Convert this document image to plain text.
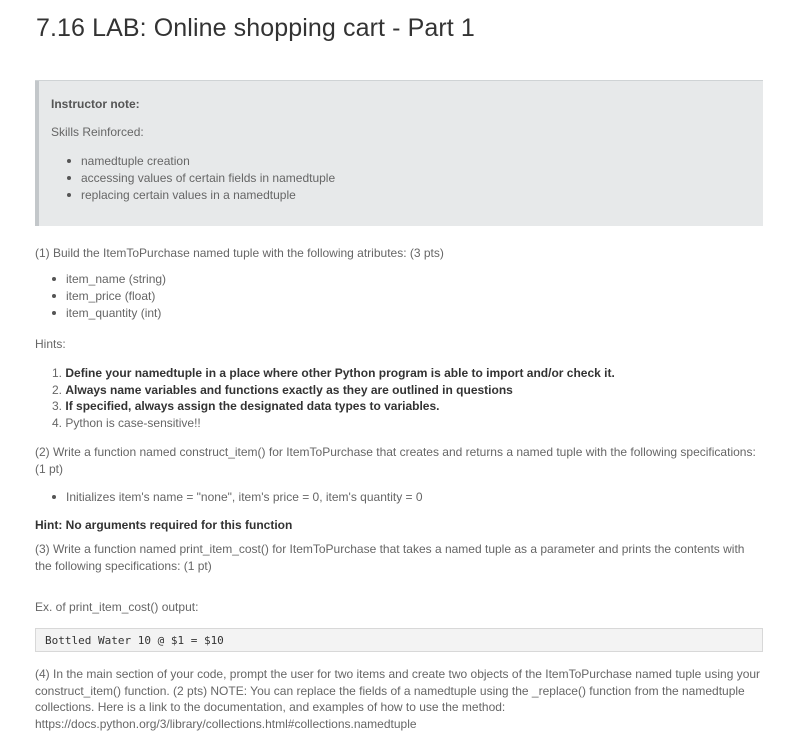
7.16 LAB: Online shopping cart - Part 1
Instructor note:
Skills Reinforced:
namedtuple creation
accessing values of certain fields in namedtuple
replacing certain values in a namedtuple
(1) Build the ItemToPurchase named tuple with the following atributes: (3 pts)
item_name (string)
item_price (float)
item_quantity (int)
Hints:
1. Define your namedtuple in a place where other Python program is able to import and/or check it.
2. Always name variables and functions exactly as they are outlined in questions
3. If specified, always assign the designated data types to variables.
4. Python is case-sensitive!!
(2) Write a function named construct_item() for ItemToPurchase that creates and returns a named tuple with the following specifications: (1 pt)
Initializes item's name = "none", item's price = 0, item's quantity = 0
Hint: No arguments required for this function
(3) Write a function named print_item_cost() for ItemToPurchase that takes a named tuple as a parameter and prints the contents with the following specifications: (1 pt)
Ex. of print_item_cost() output:
Bottled Water 10 @ $1 = $10
(4) In the main section of your code, prompt the user for two items and create two objects of the ItemToPurchase named tuple using your construct_item() function. (2 pts) NOTE: You can replace the fields of a namedtuple using the _replace() function from the namedtuple collections. Here is a link to the documentation, and examples of how to use the method: https://docs.python.org/3/library/collections.html#collections.namedtuple
